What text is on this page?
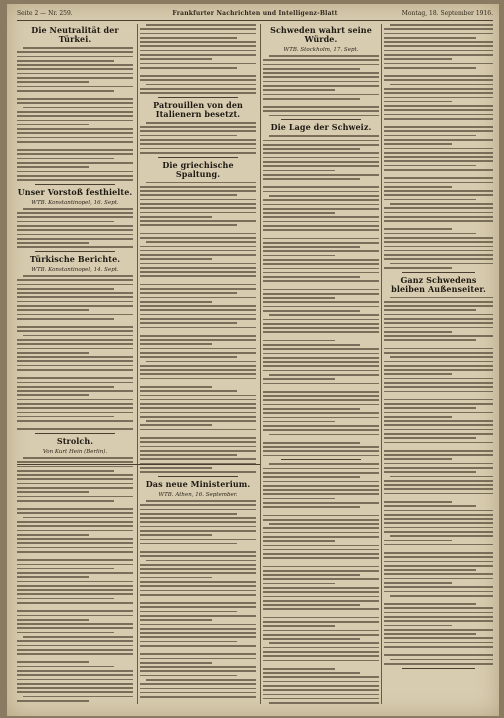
Seite 2 — Nr. 259.	Frankfurter Nachrichten und Intelligenz-Blatt	Montag, 18. September 1916.
Die Neutralität der Türkei.
Unser Vorstoß festhielte.
WTB. Konstantinopel, 16. Sept.
Türkische Berichte.
WTB. Konstantinopel, 14. Sept.
Strolch.
Von Kurt Hein (Berlin).
Patrouillen von den Italienern besetzt.
Die griechische Spaltung.
Das neue Ministerium.
WTB. Athen, 16. September.
Schweden wahrt seine Würde.
WTB. Stockholm, 17. Sept.
Die Lage der Schweiz.
Ganz Schwedens bleiben Außenseiter.
